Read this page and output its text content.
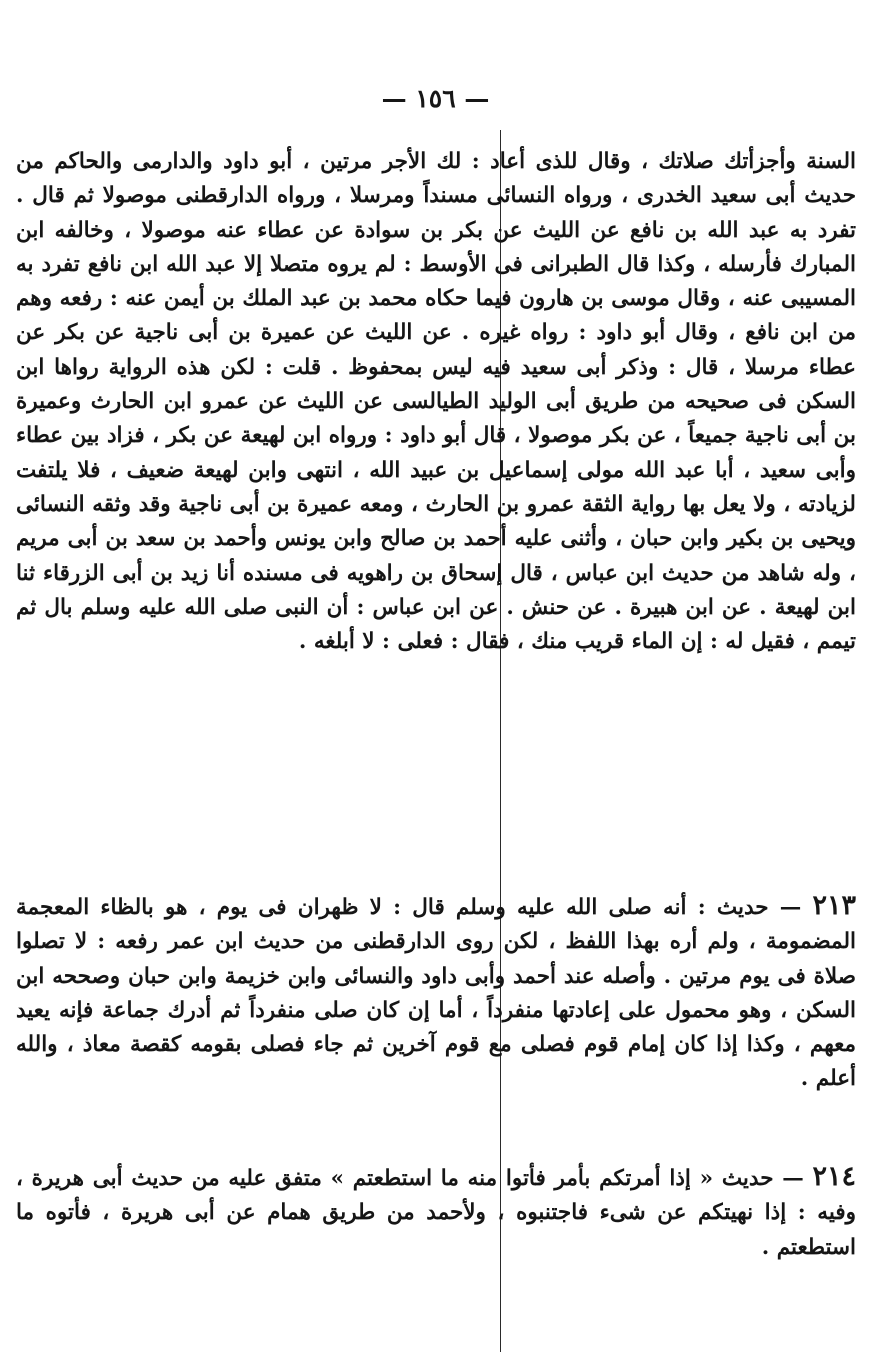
— ١٥٦ —

السنة وأجزأتك صلاتك ، وقال للذى أعاد : لك الأجر مرتين ، أبو داود والدارمى والحاكم من حديث أبى سعيد الخدرى ، ورواه النسائى مسنداً ومرسلا ، ورواه الدارقطنى موصولا ثم قال . تفرد به عبد الله بن نافع عن الليث عن بكر بن سوادة عن عطاء عنه موصولا ، وخالفه ابن المبارك فأرسله ، وكذا قال الطبرانى فى الأوسط : لم يروه متصلا إلا عبد الله ابن نافع تفرد به المسيبى عنه ، وقال موسى بن هارون فيما حكاه محمد بن عبد الملك بن أيمن عنه : رفعه وهم من ابن نافع ، وقال أبو داود : رواه غيره . عن الليث عن عميرة بن أبى ناجية عن بكر عن عطاء مرسلا ، قال : وذكر أبى سعيد فيه ليس بمحفوظ . قلت : لكن هذه الرواية رواها ابن السكن فى صحيحه من طريق أبى الوليد الطيالسى عن الليث عن عمرو ابن الحارث وعميرة بن أبى ناجية جميعاً ، عن بكر موصولا ، قال أبو داود : ورواه ابن لهيعة عن بكر ، فزاد بين عطاء وأبى سعيد ، أبا عبد الله مولى إسماعيل بن عبيد الله ، انتهى وابن لهيعة ضعيف ، فلا يلتفت لزيادته ، ولا يعل بها رواية الثقة عمرو بن الحارث ، ومعه عميرة بن أبى ناجية وقد وثقه النسائى ويحيى بن بكير وابن حبان ، وأثنى عليه أحمد بن صالح وابن يونس وأحمد بن سعد بن أبى مريم ، وله شاهد من حديث ابن عباس ، قال إسحاق بن راهويه فى مسنده أنا زيد بن أبى الزرقاء ثنا ابن لهيعة . عن ابن هبيرة . عن حنش . عن ابن عباس : أن النبى صلى الله عليه وسلم بال ثم تيمم ، فقيل له : إن الماء قريب منك ، فقال : فعلى : لا أبلغه .

٢١٣ — حديث : أنه صلى الله عليه وسلم قال : لا ظهران فى يوم ، هو بالظاء المعجمة المضمومة ، ولم أره بهذا اللفظ ، لكن روى الدارقطنى من حديث ابن عمر رفعه : لا تصلوا صلاة فى يوم مرتين . وأصله عند أحمد وأبى داود والنسائى وابن خزيمة وابن حبان وصححه ابن السكن ، وهو محمول على إعادتها منفرداً ، أما إن كان صلى منفرداً ثم أدرك جماعة فإنه يعيد معهم ، وكذا إذا كان إمام قوم فصلى مع قوم آخرين ثم جاء فصلى بقومه كقصة معاذ ، والله أعلم .

٢١٤ — حديث « إذا أمرتكم بأمر فأتوا منه ما استطعتم » متفق عليه من حديث أبى هريرة ، وفيه : إذا نهيتكم عن شىء فاجتنبوه ، ولأحمد من طريق همام عن أبى هريرة ، فأتوه ما استطعتم .
